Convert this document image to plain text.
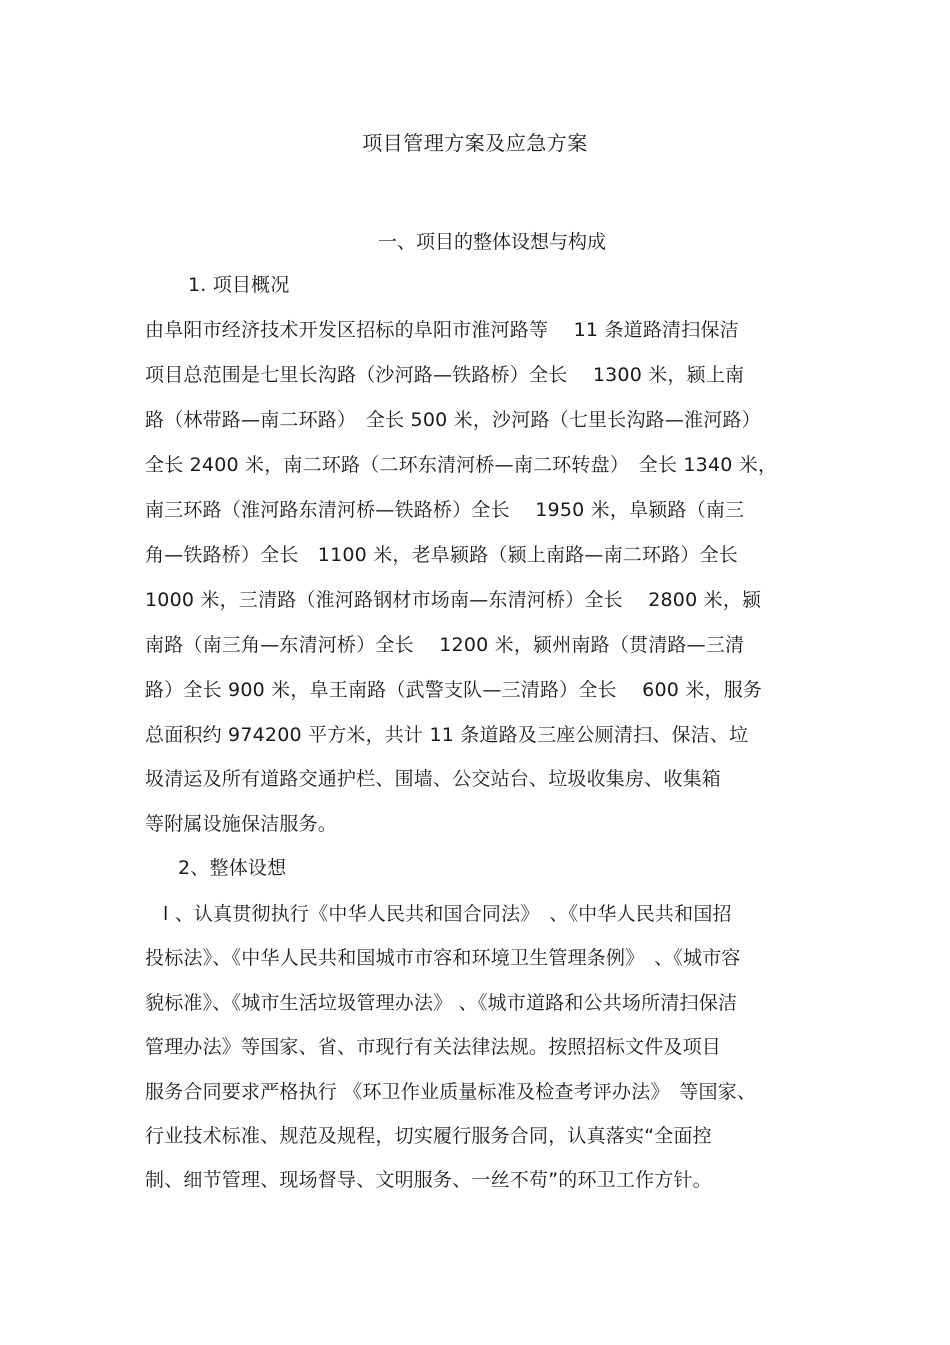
项目管理方案及应急方案
一、项目的整体设想与构成
1. 项目概况
由阜阳市经济技术开发区招标的阜阳市淮河路等　 11 条道路清扫保洁
项目总范围是七里长沟路（沙河路—铁路桥）全长　 1300 米，颍上南
路（林带路—南二环路）　全长 500 米，沙河路（七里长沟路—淮河路）
全长 2400 米，南二环路（二环东清河桥—南二环转盘）　全长 1340 米，
南三环路（淮河路东清河桥—铁路桥）全长　 1950 米，阜颍路（南三
角—铁路桥）全长　1100 米，老阜颍路（颍上南路—南二环路）全长
1000 米，三清路（淮河路钢材市场南—东清河桥）全长　 2800 米，颍
南路（南三角—东清河桥）全长　 1200 米，颍州南路（贯清路—三清
路）全长 900 米，阜王南路（武警支队—三清路）全长　 600 米，服务
总面积约 974200 平方米，共计 11 条道路及三座公厕清扫、保洁、垃
圾清运及所有道路交通护栏、围墙、公交站台、垃圾收集房、收集箱
等附属设施保洁服务。
2、整体设想
l 、认真贯彻执行《中华人民共和国合同法》　、《中华人民共和国招
投标法》、《中华人民共和国城市市容和环境卫生管理条例》　、《城市容
貌标准》、《城市生活垃圾管理办法》 、《城市道路和公共场所清扫保洁
管理办法》等国家、省、市现行有关法律法规。按照招标文件及项目
服务合同要求严格执行 《环卫作业质量标准及检查考评办法》　等国家、
行业技术标准、规范及规程，切实履行服务合同，认真落实“全面控
制、细节管理、现场督导、文明服务、一丝不苟”的环卫工作方针。
